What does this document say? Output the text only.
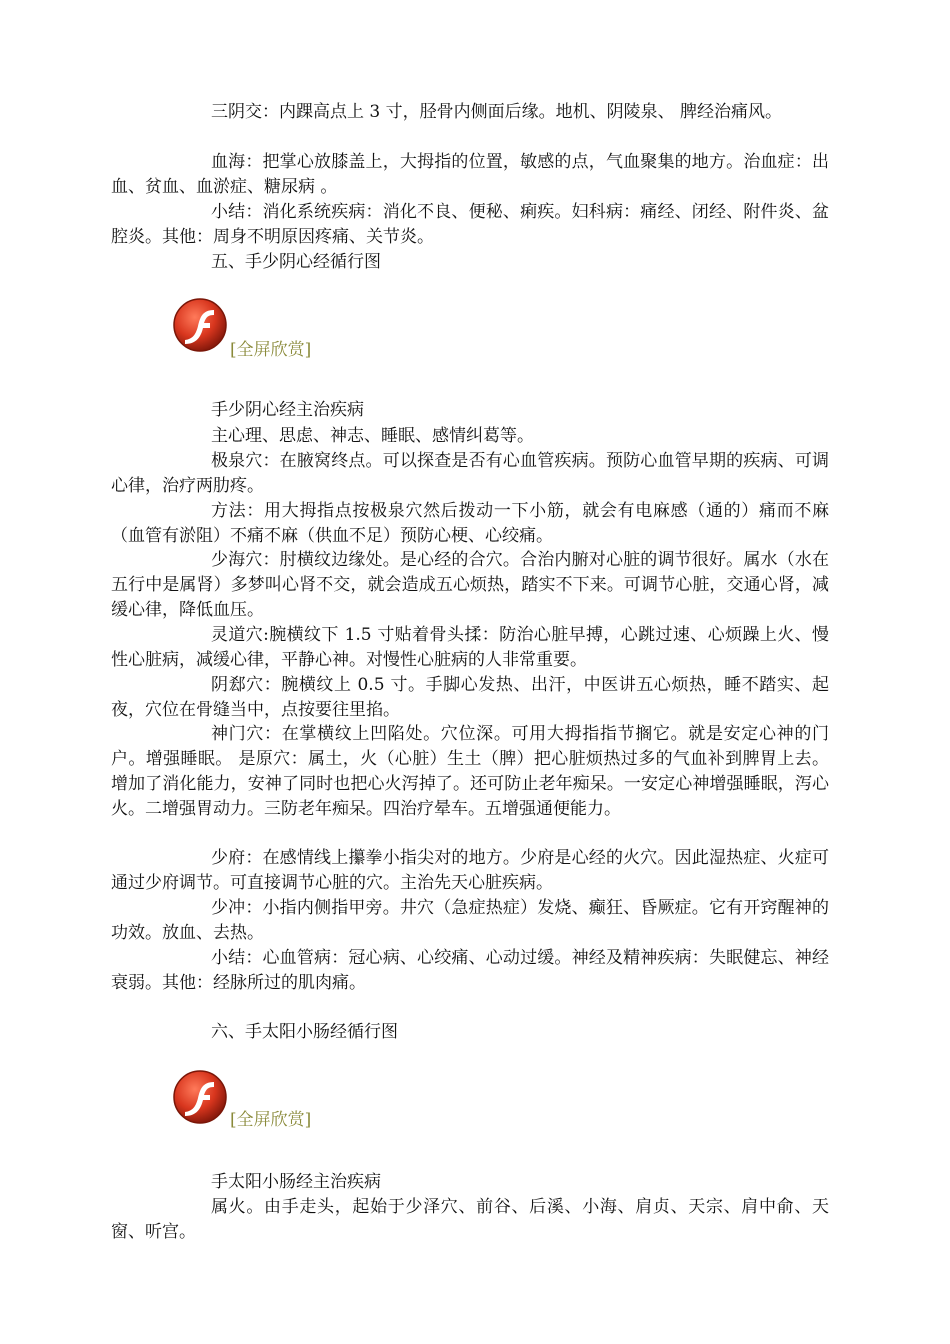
三阴交：内踝高点上 3 寸，胫骨内侧面后缘。地机、阴陵泉、 脾经治痛风。

血海：把掌心放膝盖上，大拇指的位置，敏感的点，气血聚集的地方。治血症：出血、贫血、血淤症、糖尿病 。

小结：消化系统疾病：消化不良、便秘、痢疾。妇科病：痛经、闭经、附件炎、盆腔炎。其他：周身不明原因疼痛、关节炎。

五、手少阴心经循行图

[全屏欣赏]

手少阴心经主治疾病

主心理、思虑、神志、睡眠、感情纠葛等。

极泉穴：在腋窝终点。可以探查是否有心血管疾病。预防心血管早期的疾病、可调心律，治疗两肋疼。

方法：用大拇指点按极泉穴然后拨动一下小筋，就会有电麻感（通的）痛而不麻（血管有淤阻）不痛不麻（供血不足）预防心梗、心绞痛。

少海穴：肘横纹边缘处。是心经的合穴。合治内腑对心脏的调节很好。属水（水在五行中是属肾）多梦叫心肾不交，就会造成五心烦热，踏实不下来。可调节心脏，交通心肾，减缓心律，降低血压。

灵道穴:腕横纹下 1.5 寸贴着骨头揉：防治心脏早搏，心跳过速、心烦躁上火、慢性心脏病，减缓心律，平静心神。对慢性心脏病的人非常重要。

阴郄穴：腕横纹上 0.5 寸。手脚心发热、出汗，中医讲五心烦热，睡不踏实、起夜，穴位在骨缝当中，点按要往里掐。

神门穴：在掌横纹上凹陷处。穴位深。可用大拇指指节搁它。就是安定心神的门户。增强睡眠。 是原穴：属土，火（心脏）生土（脾）把心脏烦热过多的气血补到脾胃上去。增加了消化能力，安神了同时也把心火泻掉了。还可防止老年痴呆。一安定心神增强睡眠，泻心火。二增强胃动力。三防老年痴呆。四治疗晕车。五增强通便能力。

少府：在感情线上攥拳小指尖对的地方。少府是心经的火穴。因此湿热症、火症可通过少府调节。可直接调节心脏的穴。主治先天心脏疾病。

少冲：小指内侧指甲旁。井穴（急症热症）发烧、癫狂、昏厥症。它有开窍醒神的功效。放血、去热。

小结：心血管病：冠心病、心绞痛、心动过缓。神经及精神疾病：失眠健忘、神经衰弱。其他：经脉所过的肌肉痛。

六、手太阳小肠经循行图

[全屏欣赏]

手太阳小肠经主治疾病

属火。由手走头，起始于少泽穴、前谷、后溪、小海、肩贞、天宗、肩中俞、天窗、听宫。
